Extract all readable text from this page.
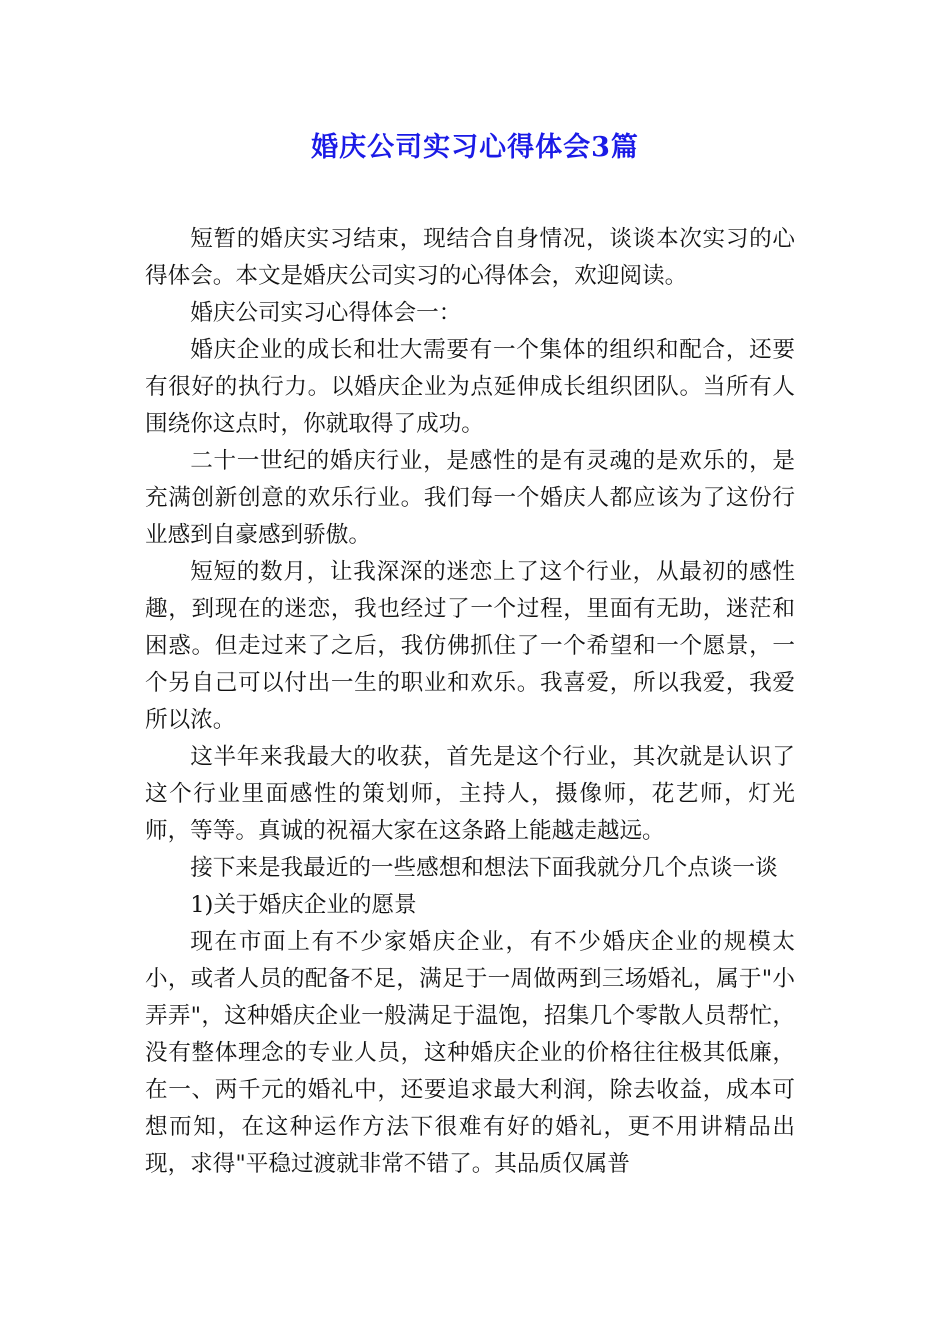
婚庆公司实习心得体会3篇

短暂的婚庆实习结束，现结合自身情况，谈谈本次实习的心得体会。本文是婚庆公司实习的心得体会，欢迎阅读。

婚庆公司实习心得体会一：

婚庆企业的成长和壮大需要有一个集体的组织和配合，还要有很好的执行力。以婚庆企业为点延伸成长组织团队。当所有人围绕你这点时，你就取得了成功。

二十一世纪的婚庆行业，是感性的是有灵魂的是欢乐的，是充满创新创意的欢乐行业。我们每一个婚庆人都应该为了这份行业感到自豪感到骄傲。

短短的数月，让我深深的迷恋上了这个行业，从最初的感性趣，到现在的迷恋，我也经过了一个过程，里面有无助，迷茫和困惑。但走过来了之后，我仿佛抓住了一个希望和一个愿景，一个另自己可以付出一生的职业和欢乐。我喜爱，所以我爱，我爱所以浓。

这半年来我最大的收获，首先是这个行业，其次就是认识了这个行业里面感性的策划师，主持人，摄像师，花艺师，灯光师，等等。真诚的祝福大家在这条路上能越走越远。

接下来是我最近的一些感想和想法下面我就分几个点谈一谈

1)关于婚庆企业的愿景

现在市面上有不少家婚庆企业，有不少婚庆企业的规模太小，或者人员的配备不足，满足于一周做两到三场婚礼，属于"小弄弄"，这种婚庆企业一般满足于温饱，招集几个零散人员帮忙，没有整体理念的专业人员，这种婚庆企业的价格往往极其低廉，在一、两千元的婚礼中，还要追求最大利润，除去收益，成本可想而知，在这种运作方法下很难有好的婚礼，更不用讲精品出现，求得"平稳过渡就非常不错了。其品质仅属普
